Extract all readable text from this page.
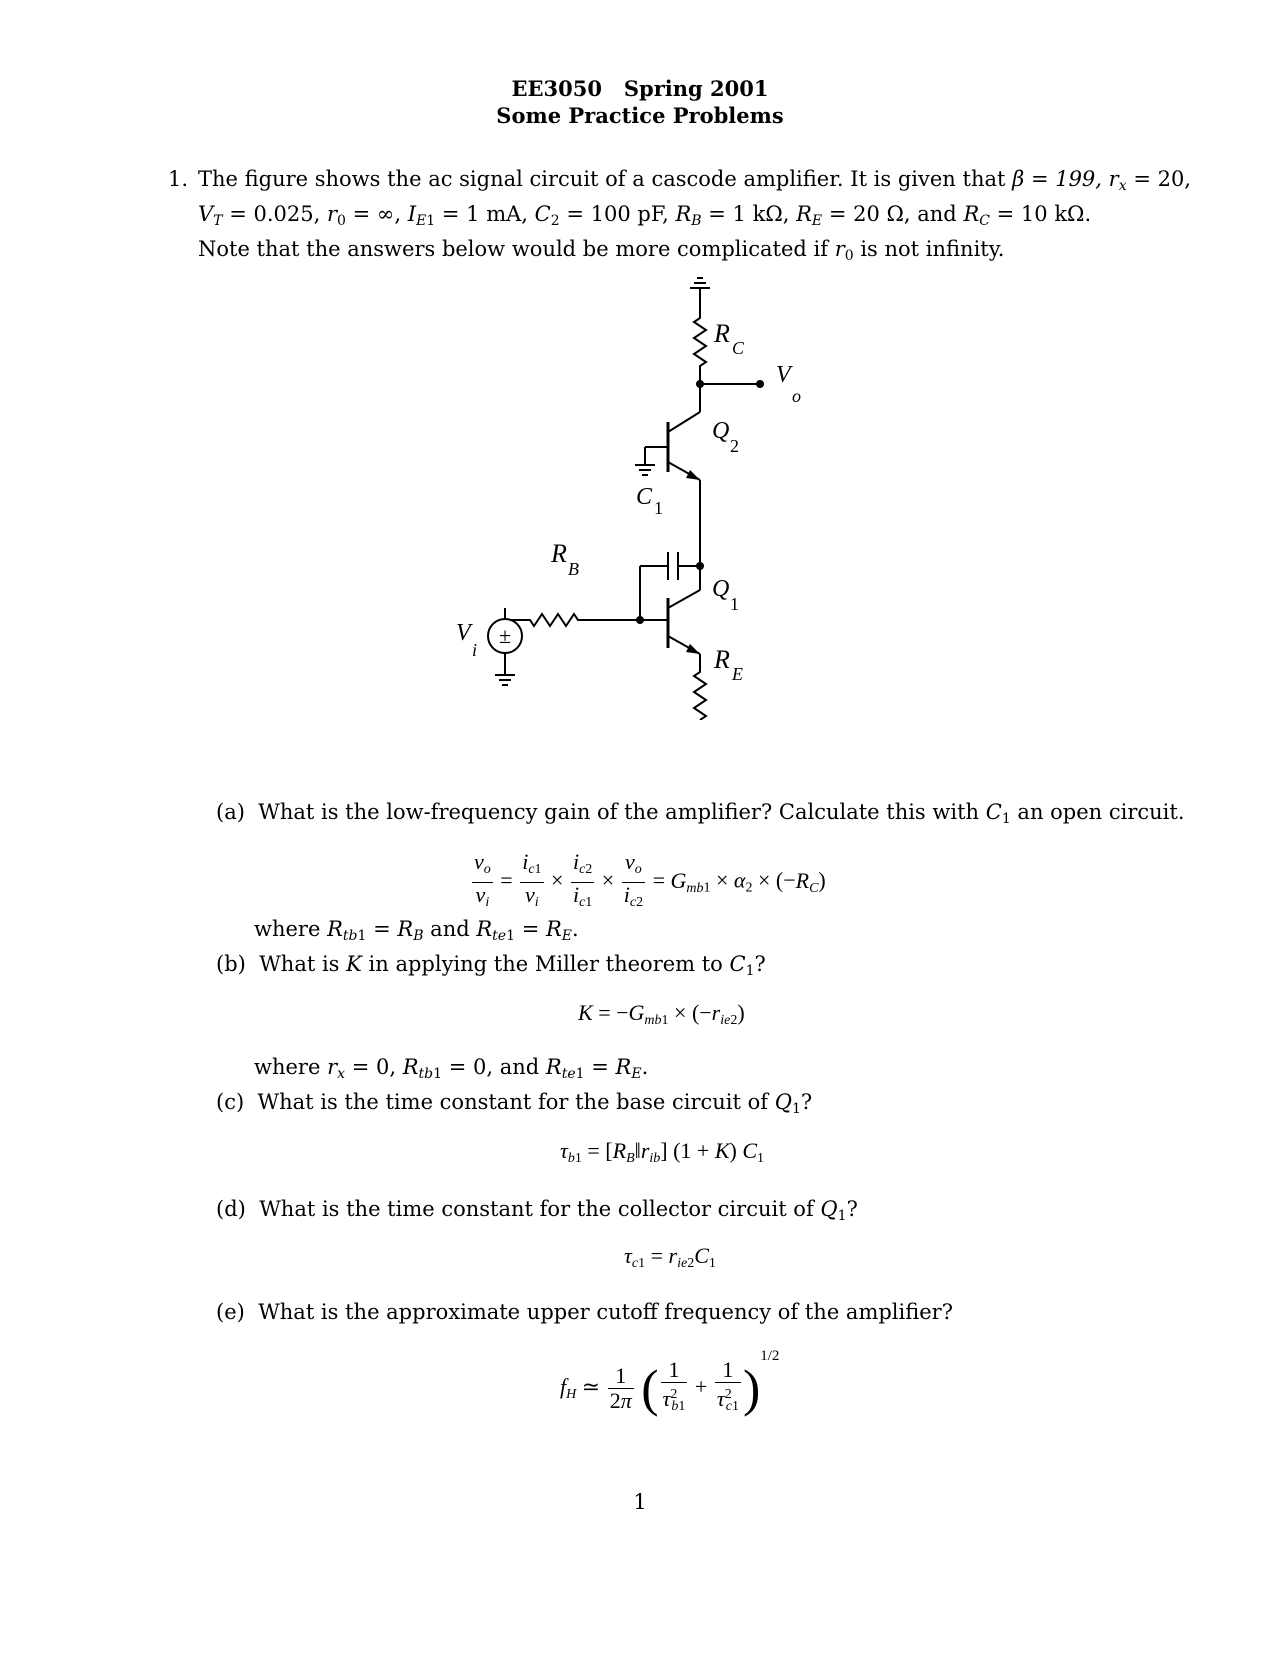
EE3050 Spring 2001
Some Practice Problems
1. The figure shows the ac signal circuit of a cascode amplifier. It is given that β = 199, $r_x = 20$,
$V_T = 0.025$, $r_0$ = ∞, $I_{E1} = 1$ mA, $C_2 = 100$ pF, $R_B = 1$ kΩ, $R_E = 20$ Ω, and $R_C = 10$ kΩ.
Note that the answers below would be more complicated if $r_0$ is not infinity.
±
R C
V
o
Q
2
C 1
R
B
Q
1
V
i	R E
(a) What is the low-frequency gain of the amplifier? Calculate this with $C_1$ an open circuit.
$\frac{v_o}{v_i} = \frac{i_{c1}}{v_i} \times \frac{i_{c2}}{i_{c1}} \times \frac{v_o}{i_{c2}} = G_{mb1} \times \alpha_2 \times (-R_C)$
where $R_{tb1} = R_B$ and $R_{te1} = R_E$.
(b) What is K in applying the Miller theorem to $C_1$?
$K = -G_{mb1} \times (-r_{ie2})$
where $r_x = 0$, $R_{tb1} = 0$, and $R_{te1} = R_E$.
(c) What is the time constant for the base circuit of $Q_1$?
$\tau_{b1}$ = $[R_B‖r_{ib}] (1 + K)$ $C_1$
(d) What is the time constant for the collector circuit of $Q_1$?
$\tau_{c1} = r_{ie2}C_1$
(e) What is the approximate upper cutoff frequency of the amplifier?
$f_H$ ≃ $\frac{1}{2\pi}$ ( $\frac{1}{\tau^2_{b1}} + \frac{1}{\tau^2_{c1}} )^{1/2}$
1
